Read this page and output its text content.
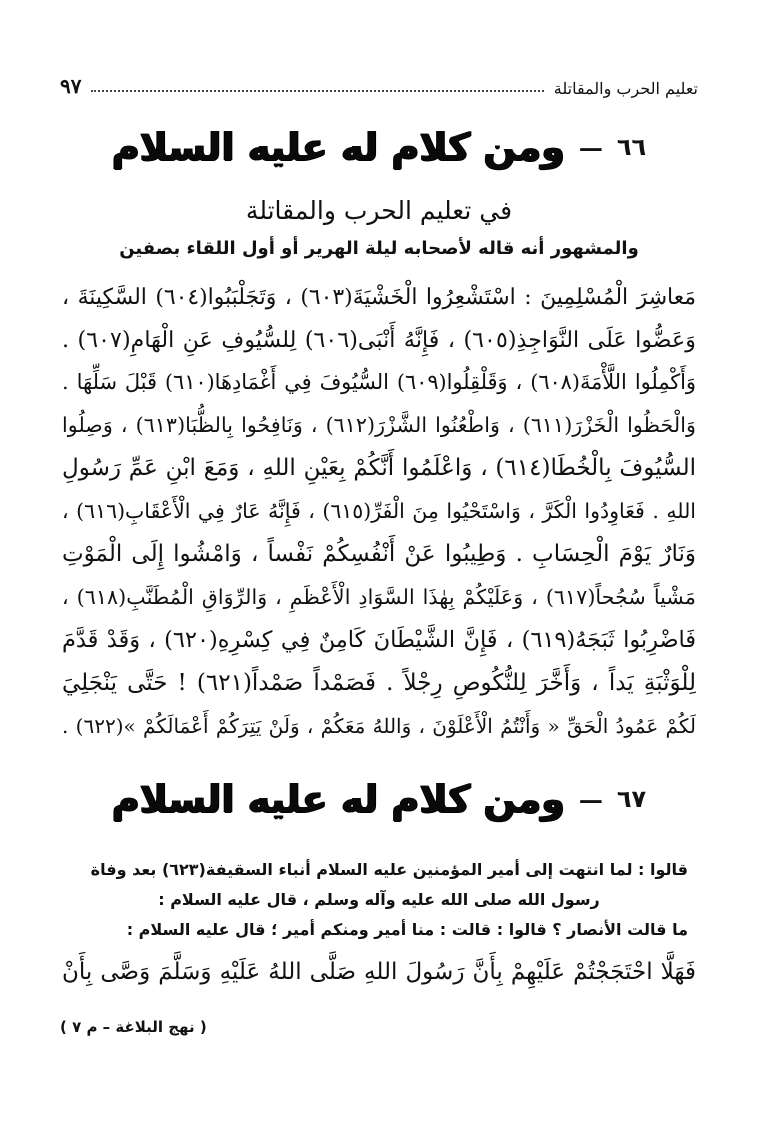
تعليم الحرب والمقاتلة
٩٧
٦٦
—
ومن كلام له عليه السلام
في تعليم الحرب والمقاتلة
والمشهور أنه قاله لأصحابه ليلة الهرير أو أول اللقاء بصفين
مَعاشِرَ الْمُسْلِمِينَ : اسْتَشْعِرُوا الْخَشْيَةَ(٦٠٣) ، وَتَجَلْبَبُوا(٦٠٤) السَّكِينَةَ ،
وَعَضُّوا عَلَى النَّوَاجِذِ(٦٠٥) ، فَإِنَّهُ أَنْبَى(٦٠٦) لِلسُّيُوفِ عَنِ الْهَامِ(٦٠٧) .
وَأَكْمِلُوا اللَّأْمَةَ(٦٠٨) ، وَقَلْقِلُوا(٦٠٩) السُّيُوفَ فِي أَغْمَادِهَا(٦١٠) قَبْلَ سَلِّهَا .
وَالْحَظُوا الْخَزْرَ(٦١١) ، وَاطْعُنُوا الشَّزْرَ(٦١٢) ، وَنَافِحُوا بِالظُّبَا(٦١٣) ، وَصِلُوا
السُّيُوفَ بِالْخُطَا(٦١٤) ، وَاعْلَمُوا أَنَّكُمْ بِعَيْنِ اللهِ ، وَمَعَ ابْنِ عَمِّ رَسُولِ
اللهِ . فَعَاوِدُوا الْكَرَّ ، وَاسْتَحْيُوا مِنَ الْفَرِّ(٦١٥) ، فَإِنَّهُ عَارٌ فِي الْأَعْقَابِ(٦١٦) ،
وَنَارٌ يَوْمَ الْحِسَابِ . وَطِيبُوا عَنْ أَنْفُسِكُمْ نَفْساً ، وَامْشُوا إِلَى الْمَوْتِ
مَشْياً سُجُحاً(٦١٧) ، وَعَلَيْكُمْ بِهٰذَا السَّوَادِ الْأَعْظَمِ ، وَالرِّوَاقِ الْمُطَنَّبِ(٦١٨) ،
فَاضْرِبُوا ثَبَجَهُ(٦١٩) ، فَإِنَّ الشَّيْطَانَ كَامِنٌ فِي كِسْرِهِ(٦٢٠) ، وَقَدْ قَدَّمَ
لِلْوَثْبَةِ يَداً ، وَأَخَّرَ لِلنُّكُوصِ رِجْلاً . فَصَمْداً صَمْداً(٦٢١) ! حَتَّى يَنْجَلِيَ
لَكُمْ عَمُودُ الْحَقِّ « وَأَنْتُمُ الْأَعْلَوْنَ ، وَاللهُ مَعَكُمْ ، وَلَنْ يَتِرَكُمْ أَعْمَالَكُمْ »(٦٢٢) .
٦٧
—
ومن كلام له عليه السلام
قالوا : لما انتهت إلى أمير المؤمنين عليه السلام أنباء السقيفة(٦٢٣) بعد وفاة
رسول الله صلى الله عليه وآله وسلم ، قال عليه السلام :
ما قالت الأنصار ؟ قالوا : قالت : منا أمير ومنكم أمير ؛ قال عليه السلام :
فَهَلَّا احْتَجَجْتُمْ عَلَيْهِمْ بِأَنَّ رَسُولَ اللهِ صَلَّى اللهُ عَلَيْهِ وَسَلَّمَ وَصَّى بِأَنْ
( نهج البلاغة – م ٧ )
